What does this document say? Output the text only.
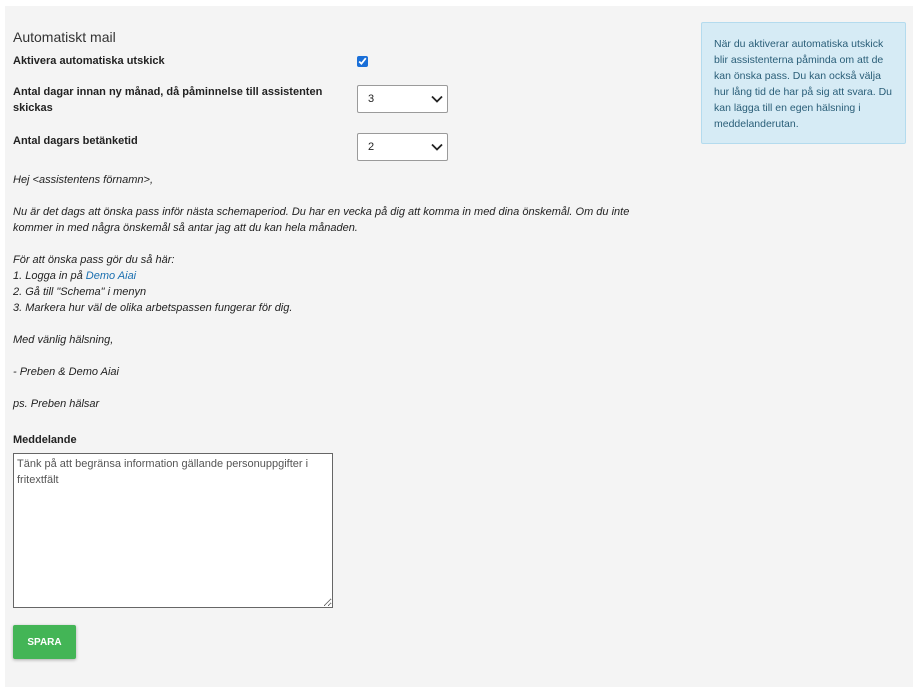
Automatiskt mail
Aktivera automatiska utskick
Antal dagar innan ny månad, då påminnelse till assistenten skickas
3
Antal dagars betänketid
2
Hej <assistentens förnamn>,
Nu är det dags att önska pass inför nästa schemaperiod. Du har en vecka på dig att komma in med dina önskemål. Om du inte
kommer in med några önskemål så antar jag att du kan hela månaden.
För att önska pass gör du så här:
1. Logga in på Demo Aiai
2. Gå till "Schema" i menyn
3. Markera hur väl de olika arbetspassen fungerar för dig.
Med vänlig hälsning,
- Preben & Demo Aiai
ps. Preben hälsar
Meddelande
Tänk på att begränsa information gällande personuppgifter i fritextfält
SPARA
När du aktiverar automatiska utskick blir assistenterna påminda om att de kan önska pass. Du kan också välja hur lång tid de har på sig att svara. Du kan lägga till en egen hälsning i meddelanderutan.
